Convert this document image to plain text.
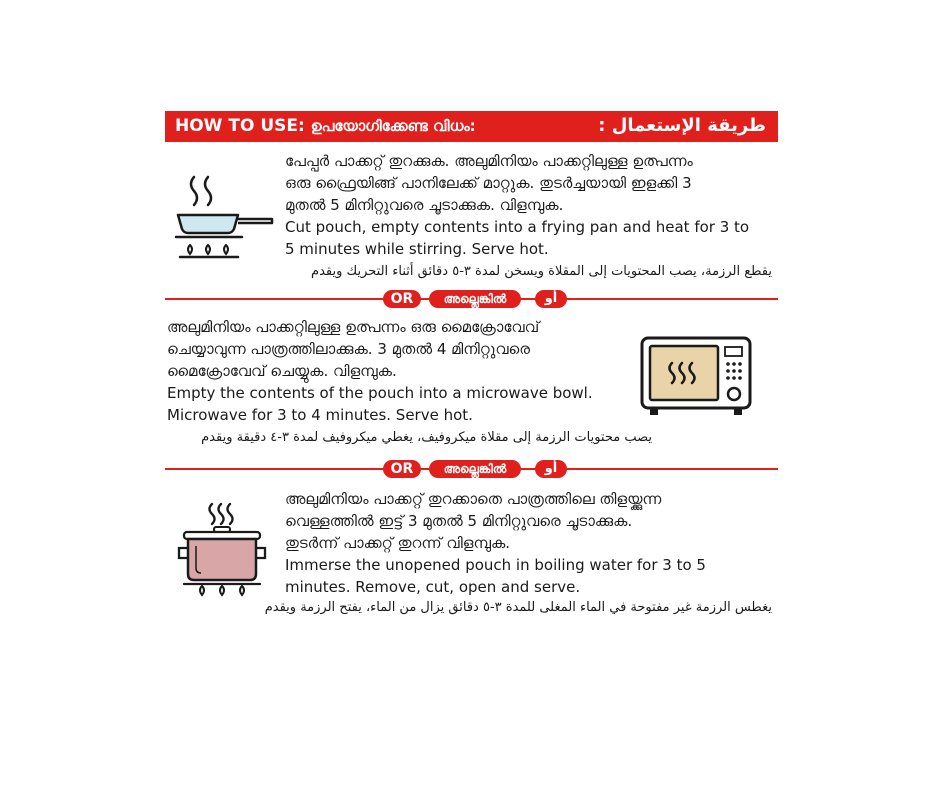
HOW TO USE: ഉപയോഗിക്കേണ്ട വിധം:	طريقة الإستعمال :
പേപ്പർ പാക്കറ്റ് തുറക്കുക. അലുമിനിയം പാക്കറ്റിലുള്ള ഉത്പന്നം
ഒരു ഫ്രൈയിങ്ങ് പാനിലേക്ക് മാറ്റുക. തുടർച്ചയായി ഇളക്കി 3
മുതൽ 5 മിനിറ്റുവരെ ചൂടാക്കുക. വിളമ്പുക.
Cut pouch, empty contents into a frying pan and heat for 3 to
5 minutes while stirring. Serve hot.
يقطع الرزمة، يصب المحتويات إلى المقلاة ويسخن لمدة ٣-٥ دقائق أثناء التحريك ويقدم
OR	അല്ലെങ്കിൽ	أو
അലുമിനിയം പാക്കറ്റിലുള്ള ഉത്പന്നം ഒരു മൈക്രോവേവ്
ചെയ്യാവുന്ന പാത്രത്തിലാക്കുക. 3 മുതൽ 4 മിനിറ്റുവരെ
മൈക്രോവേവ് ചെയ്യുക. വിളമ്പുക.
Empty the contents of the pouch into a microwave bowl.
Microwave for 3 to 4 minutes. Serve hot.
يصب محتويات الرزمة إلى مقلاة ميكروفيف، يغطي ميكروفيف لمدة ٣-٤ دقيقة ويقدم
OR	അല്ലെങ്കിൽ	أو
അലുമിനിയം പാക്കറ്റ് തുറക്കാതെ പാത്രത്തിലെ തിളയ്ക്കുന്ന
വെള്ളത്തിൽ ഇട്ട് 3 മുതൽ 5 മിനിറ്റുവരെ ചൂടാക്കുക.
തുടർന്ന് പാക്കറ്റ് തുറന്ന് വിളമ്പുക.
Immerse the unopened pouch in boiling water for 3 to 5
minutes. Remove, cut, open and serve.
يغطس الرزمة غير مفتوحة في الماء المغلى للمدة ٣-٥ دقائق يزال من الماء، يفتح الرزمة ويقدم
